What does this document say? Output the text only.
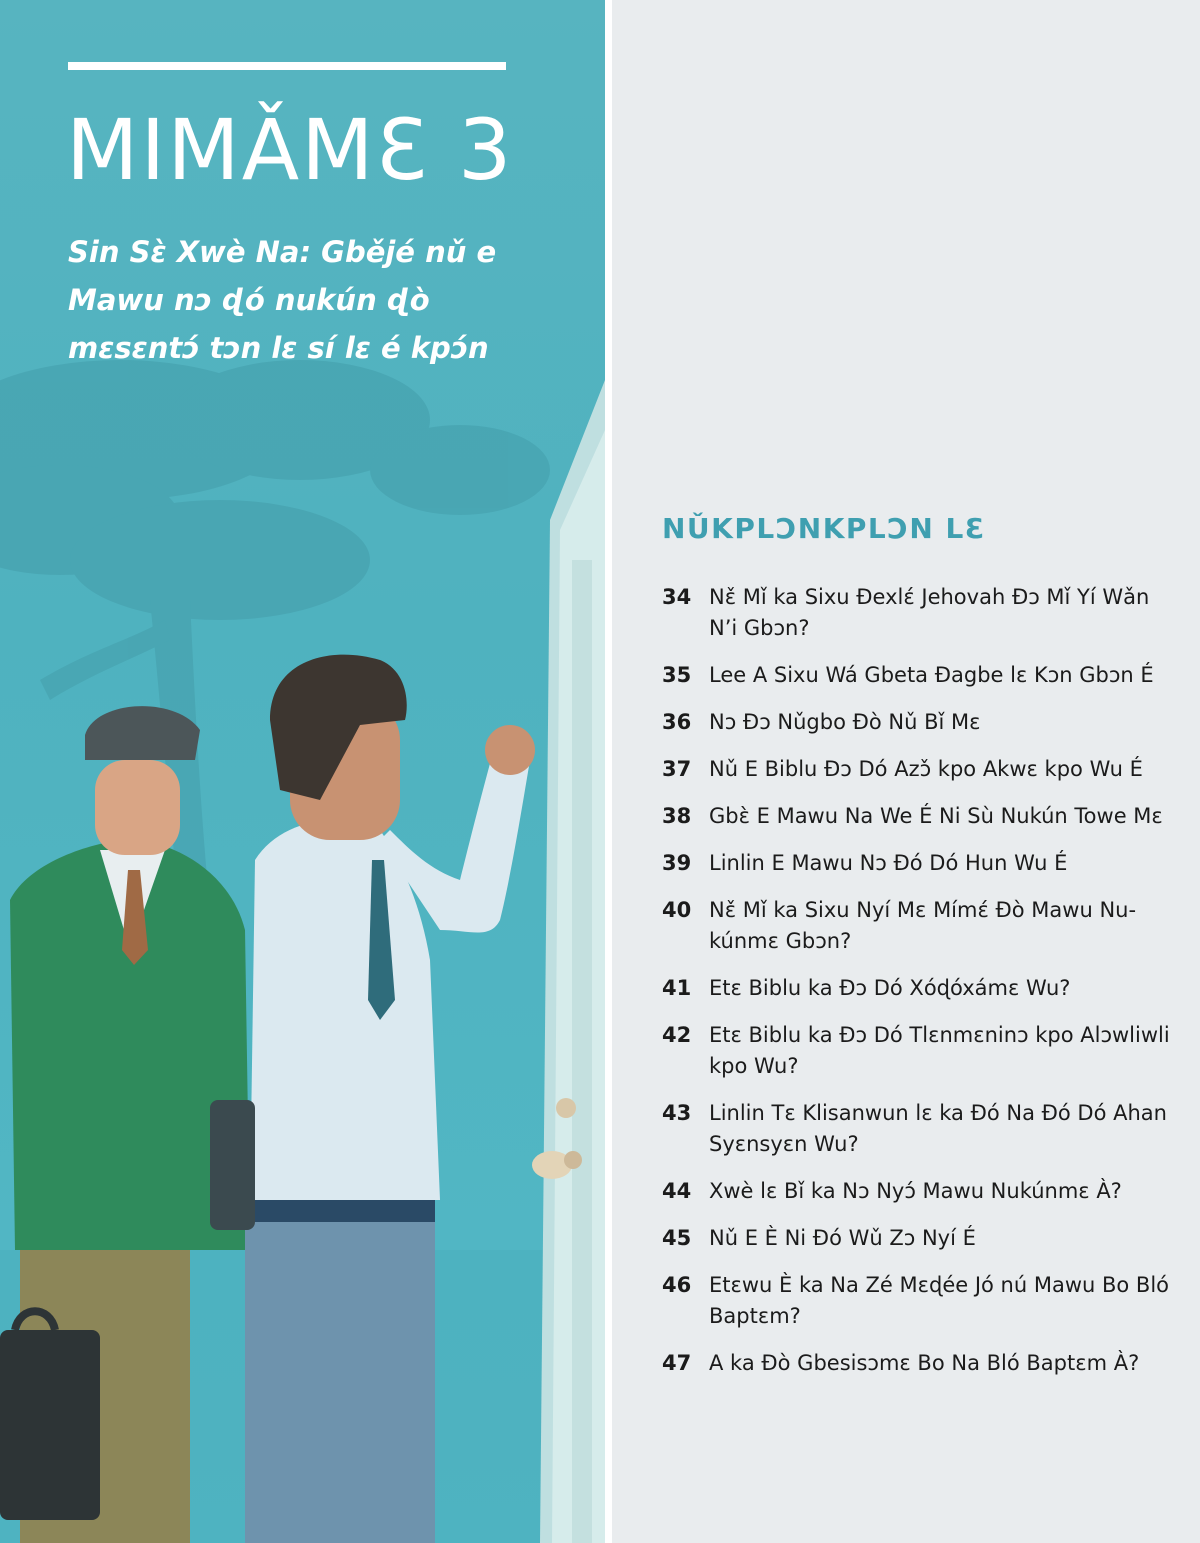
MIMǍMƐ 3

Sin Sɛ̀ Xwè Na: Gbějé nǔ e Mawu nɔ ɖó nukún ɖò mɛsɛntɔ́ tɔn lɛ sí lɛ é kpɔ́n

NǓKPLƆNKPLƆN LƐ
34 Nɛ̌ Mǐ ka Sixu Ðexlɛ́ Jehovah Ðɔ Mǐ Yí Wǎn N’i Gbɔn?
35 Lee A Sixu Wá Gbeta Ðagbe lɛ Kɔn Gbɔn É
36 Nɔ Ðɔ Nǔgbo Ðò Nǔ Bǐ Mɛ
37 Nǔ E Biblu Ðɔ Dó Azɔ̌ kpo Akwɛ kpo Wu É
38 Gbɛ̀ E Mawu Na We É Ni Sù Nukún Towe Mɛ
39 Linlin E Mawu Nɔ Ðó Dó Hun Wu É
40 Nɛ̌ Mǐ ka Sixu Nyí Mɛ Mímɛ́ Ðò Mawu Nu-kúnmɛ Gbɔn?
41 Etɛ Biblu ka Ðɔ Dó Xóɖóxámɛ Wu?
42 Etɛ Biblu ka Ðɔ Dó Tlɛnmɛninɔ kpo Alɔwliwli kpo Wu?
43 Linlin Tɛ Klisanwun lɛ ka Ðó Na Ðó Dó Ahan Syɛnsyɛn Wu?
44 Xwè lɛ Bǐ ka Nɔ Nyɔ́ Mawu Nukúnmɛ À?
45 Nǔ E È Ni Ðó Wǔ Zɔ Nyí É
46 Etɛwu È ka Na Zé Mɛɖée Jó nú Mawu Bo Bló Baptɛm?
47 A ka Ðò Gbesisɔmɛ Bo Na Bló Baptɛm À?
